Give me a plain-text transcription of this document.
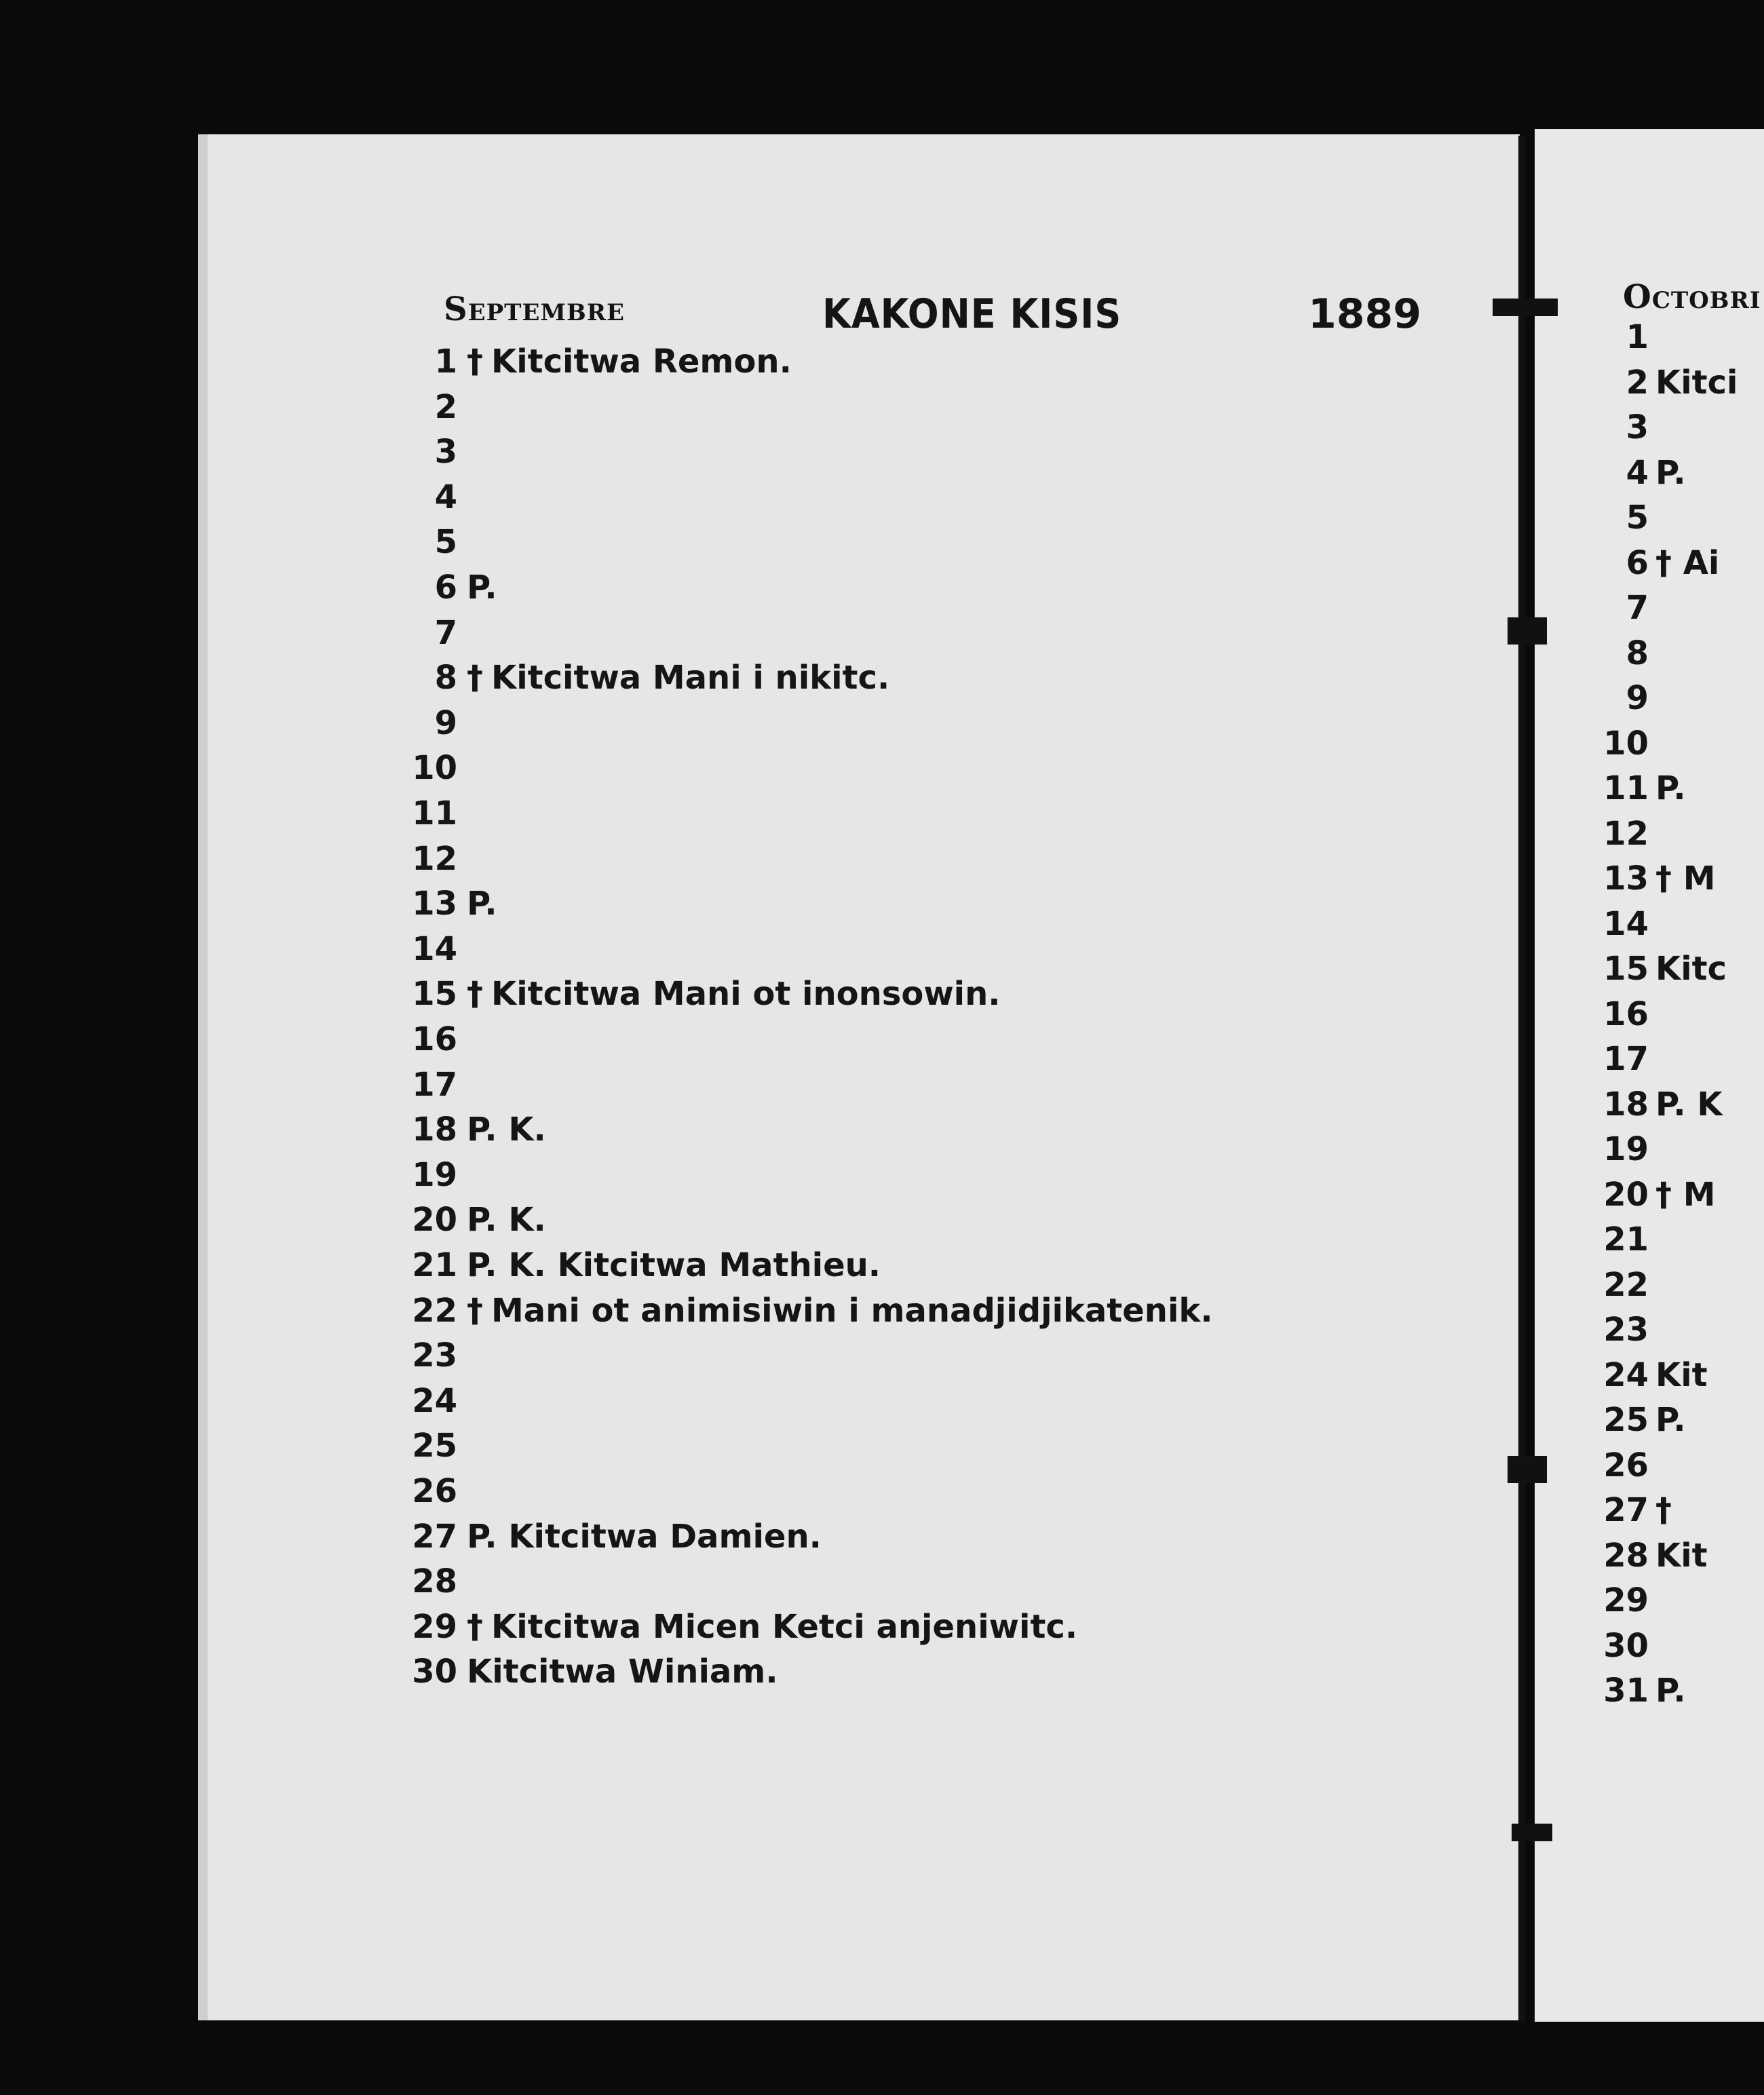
Septembre	KAKONE KISIS	1889
1 † Kitcitwa Remon.
2
3
4
5
6 P.
7
8 † Kitcitwa Mani i nikitc.
9
10
11
12
13 P.
14
15 † Kitcitwa Mani ot inonsowin.
16
17
18 P. K.
19
20 P. K.
21 P. K. Kitcitwa Mathieu.
22 † Mani ot animisiwin i manadjidjikatenik.
23
24
25
26
27 P. Kitcitwa Damien.
28
29 † Kitcitwa Micen Ketci anjeniwitc.
30 Kitcitwa Winiam.
Octobri
1
2 Kitci
3
4 P.
5
6 † Ai
7
8
9
10
11 P.
12
13 † M
14
15 Kitc
16
17
18 P. K
19
20 † M
21
22
23
24 Kit
25 P.
26
27 †
28 Kit
29
30
31 P.
